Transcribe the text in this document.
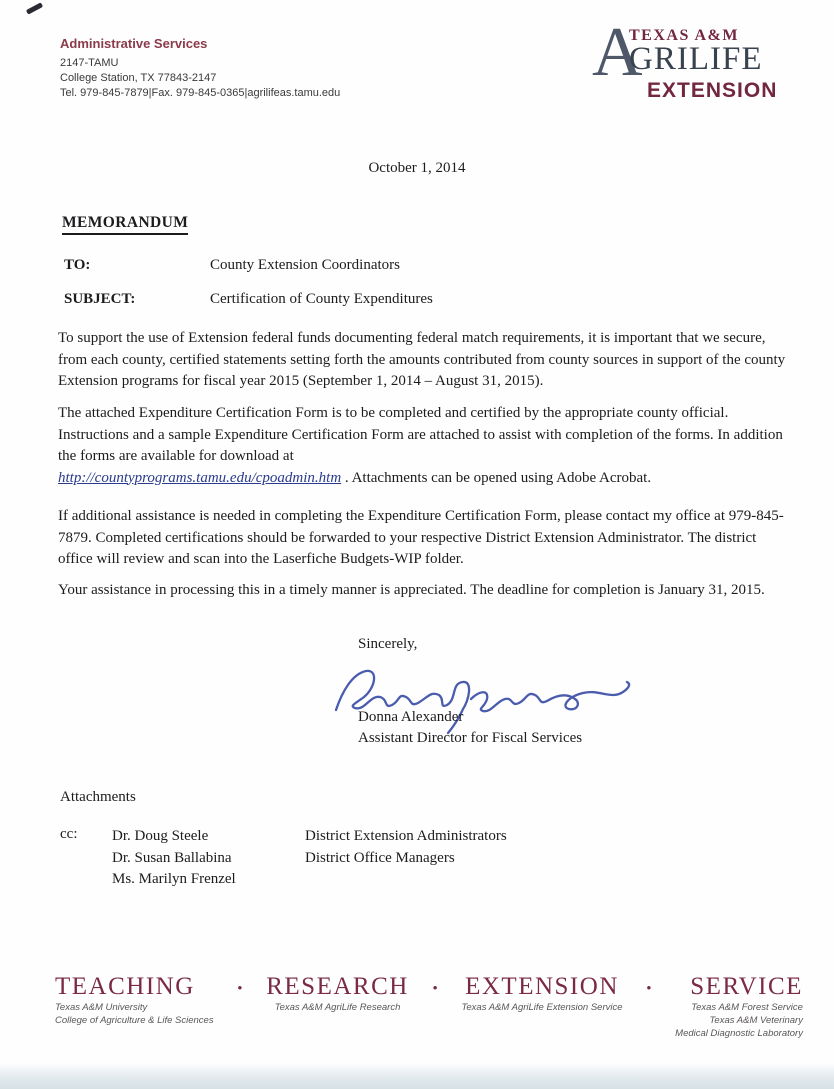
Administrative Services
2147-TAMU
College Station, TX 77843-2147
Tel. 979-845-7879|Fax. 979-845-0365|agrilifeas.tamu.edu
A
TEXAS A&M
GRILIFE
EXTENSION
October 1, 2014
MEMORANDUM
TO:	County Extension Coordinators
SUBJECT:	Certification of County Expenditures
To support the use of Extension federal funds documenting federal match requirements, it is important that we secure, from each county, certified statements setting forth the amounts contributed from county sources in support of the county Extension programs for fiscal year 2015 (September 1, 2014 – August 31, 2015).
The attached Expenditure Certification Form is to be completed and certified by the appropriate county official. Instructions and a sample Expenditure Certification Form are attached to assist with completion of the forms. In addition the forms are available for download at
http://countyprograms.tamu.edu/cpoadmin.htm . Attachments can be opened using Adobe Acrobat.
If additional assistance is needed in completing the Expenditure Certification Form, please contact my office at 979-845-7879. Completed certifications should be forwarded to your respective District Extension Administrator. The district office will review and scan into the Laserfiche Budgets-WIP folder.
Your assistance in processing this in a timely manner is appreciated. The deadline for completion is January 31, 2015.
Sincerely,
Donna Alexander
Assistant Director for Fiscal Services
Attachments
cc: Dr. Doug Steele
Dr. Susan Ballabina
Ms. Marilyn Frenzel
District Extension Administrators
District Office Managers
TEACHING
Texas A&M University
College of Agriculture & Life Sciences
• RESEARCH
Texas A&M AgriLife Research
• EXTENSION
Texas A&M AgriLife Extension Service
• SERVICE
Texas A&M Forest Service
Texas A&M Veterinary
Medical Diagnostic Laboratory
